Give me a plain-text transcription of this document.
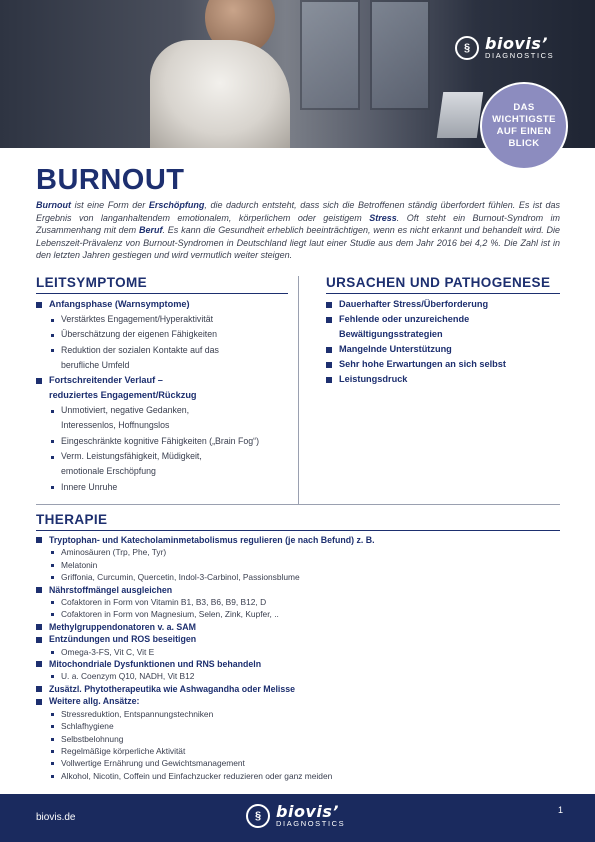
§ biovis’
DIAGNOSTICS
DAS WICHTIGSTE AUF EINEN BLICK
BURNOUT

Burnout ist eine Form der Erschöpfung, die dadurch entsteht, dass sich die Betroffenen ständig überfordert fühlen. Es ist das Ergebnis von langanhaltendem emotionalem, körperlichem oder geistigem Stress. Oft steht ein Burnout-Syndrom im Zusammenhang mit dem Beruf. Es kann die Gesundheit erheblich beeinträchtigen, wenn es nicht erkannt und behandelt wird. Die Lebenszeit-Prävalenz von Burnout-Syndromen in Deutschland liegt laut einer Studie aus dem Jahr 2016 bei 4,2 %. Die Zahl ist in den letzten Jahren gestiegen und wird vermutlich weiter steigen.

LEITSYMPTOME	URSACHEN UND PATHOGENESE
Anfangsphase (Warnsymptome)
Verstärktes Engagement/Hyperaktivität
Überschätzung der eigenen Fähigkeiten
Reduktion der sozialen Kontakte auf das
berufliche Umfeld
Fortschreitender Verlauf –
reduziertes Engagement/Rückzug
Unmotiviert, negative Gedanken,
Interessenlos, Hoffnungslos
Eingeschränkte kognitive Fähigkeiten („Brain Fog“)
Verm. Leistungsfähigkeit, Müdigkeit,
emotionale Erschöpfung
Innere Unruhe
Dauerhafter Stress/Überforderung
Fehlende oder unzureichende
Bewältigungsstrategien
Mangelnde Unterstützung
Sehr hohe Erwartungen an sich selbst
Leistungsdruck
THERAPIE
Tryptophan- und Katecholaminmetabolismus regulieren (je nach Befund) z. B.
Aminosäuren (Trp, Phe, Tyr)
Melatonin
Griffonia, Curcumin, Quercetin, Indol-3-Carbinol, Passionsblume
Nährstoffmängel ausgleichen
Cofaktoren in Form von Vitamin B1, B3, B6, B9, B12, D
Cofaktoren in Form von Magnesium, Selen, Zink, Kupfer, ..
Methylgruppendonatoren v. a. SAM
Entzündungen und ROS beseitigen
Omega-3-FS, Vit C, Vit E
Mitochondriale Dysfunktionen und RNS behandeln
U. a. Coenzym Q10, NADH, Vit B12
Zusätzl. Phytotherapeutika wie Ashwagandha oder Melisse
Weitere allg. Ansätze:
Stressreduktion, Entspannungstechniken
Schlafhygiene
Selbstbelohnung
Regelmäßige körperliche Aktivität
Vollwertige Ernährung und Gewichtsmanagement
Alkohol, Nicotin, Coffein und Einfachzucker reduzieren oder ganz meiden
biovis.de	§ biovis’
DIAGNOSTICS
1
